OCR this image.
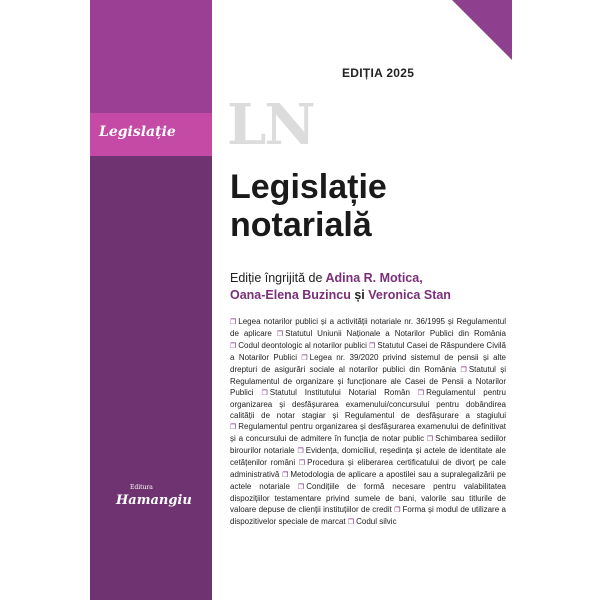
Legislație
EDIȚIA 2025
LN
Legislație
notarială
Ediție îngrijită de Adina R. Motica,
Oana-Elena Buzincu și Veronica Stan
❐ Legea notarilor publici și a activității notariale nr. 36/1995 și Regulamentul de aplicare ❐ Statutul Uniunii Naționale a Notarilor Publici din România ❐ Codul deontologic al notarilor publici ❐ Statutul Casei de Răspundere Civilă a Notarilor Publici ❐ Legea nr. 39/2020 privind sistemul de pensii și alte drepturi de asigurări sociale al notarilor publici din România ❐ Statutul și Regulamentul de organizare și funcționare ale Casei de Pensii a Notarilor Publici ❐ Statutul Institutului Notarial Român ❐ Regulamentul pentru organizarea și desfășurarea examenului/concursului pentru dobândirea calității de notar stagiar și Regulamentul de desfășurare a stagiului ❐ Regulamentul pentru organizarea și desfășurarea examenului de definitivat și a concursului de admitere în funcția de notar public ❐ Schimbarea sediilor birourilor notariale ❐ Evidența, domiciliul, reședința și actele de identitate ale cetățenilor români ❐ Procedura și eliberarea certificatului de divorț pe cale administrativă ❐ Metodologia de aplicare a apostilei sau a supralegalizării pe actele notariale ❐ Condițiile de formă necesare pentru valabilitatea dispozițiilor testamentare privind sumele de bani, valorile sau titlurile de valoare depuse de clienții instituțiilor de credit ❐ Forma și modul de utilizare a dispozitivelor speciale de marcat ❐ Codul silvic
Editura
Hamangiu
